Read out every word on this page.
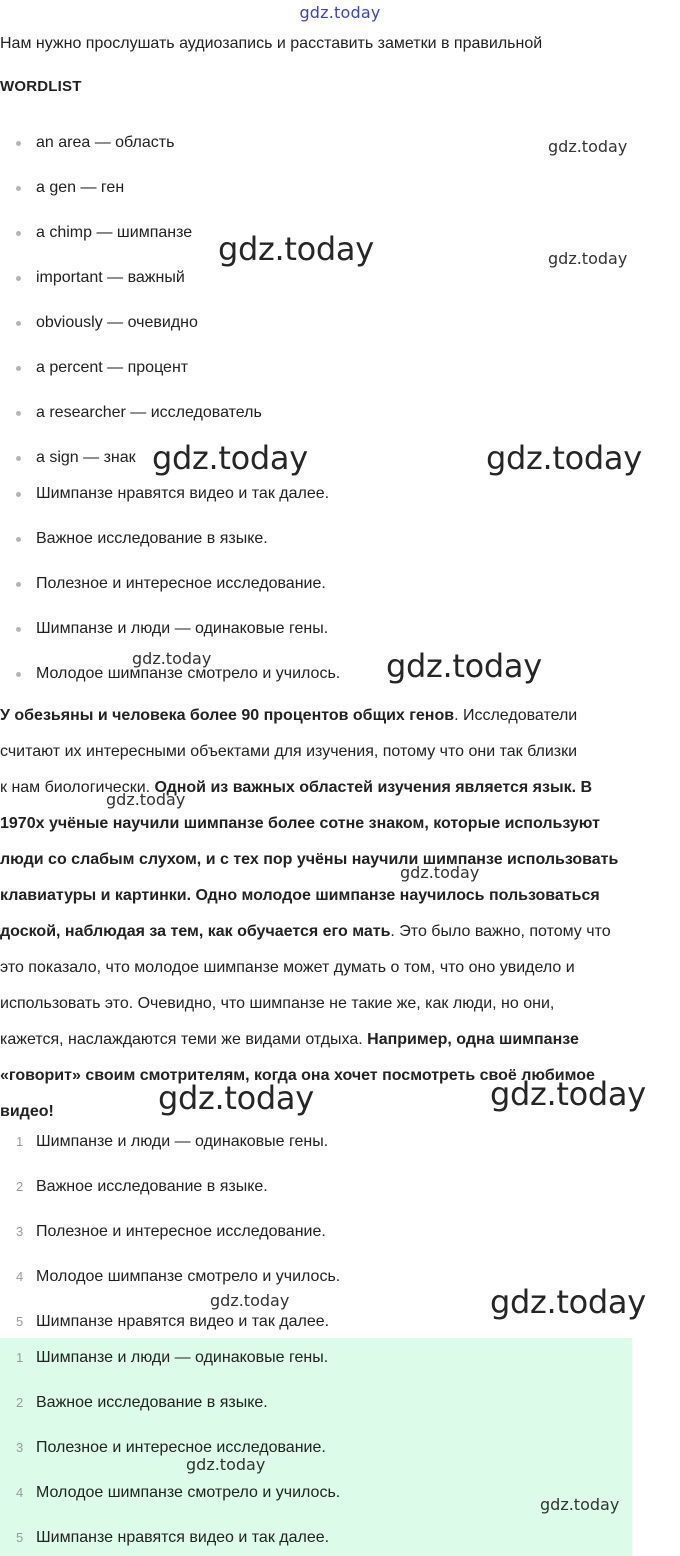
gdz.today
Нам нужно прослушать аудиозапись и расставить заметки в правильной
WORDLIST
an area — область
a gen — ген
a chimp — шимпанзе
important — важный
obviously — очевидно
a percent — процент
a researcher — исследователь
a sign — знак
Шимпанзе нравятся видео и так далее.
Важное исследование в языке.
Полезное и интересное исследование.
Шимпанзе и люди — одинаковые гены.
Молодое шимпанзе смотрело и училось.
У обезьяны и человека более 90 процентов общих генов. Исследователи
считают их интересными объектами для изучения, потому что они так близки
к нам биологически. Одной из важных областей изучения является язык. В
1970х учёные научили шимпанзе более сотне знаком, которые используют
люди со слабым слухом, и с тех пор учёны научили шимпанзе использовать
клавиатуры и картинки. Одно молодое шимпанзе научилось пользоваться
доской, наблюдая за тем, как обучается его мать. Это было важно, потому что
это показало, что молодое шимпанзе может думать о том, что оно увидело и
использовать это. Очевидно, что шимпанзе не такие же, как люди, но они,
кажется, наслаждаются теми же видами отдыха. Например, одна шимпанзе
«говорит» своим смотрителям, когда она хочет посмотреть своё любимое
видео!
1 Шимпанзе и люди — одинаковые гены.
2 Важное исследование в языке.
3 Полезное и интересное исследование.
4 Молодое шимпанзе смотрело и училось.
5 Шимпанзе нравятся видео и так далее.
1 Шимпанзе и люди — одинаковые гены.
2 Важное исследование в языке.
3 Полезное и интересное исследование.
4 Молодое шимпанзе смотрело и училось.
5 Шимпанзе нравятся видео и так далее.
gdz.today
gdz.today	gdz.today
gdz.today	gdz.today
gdz.today	gdz.today
gdz.today
gdz.today
gdz.today	gdz.today
gdz.today	gdz.today
gdz.today
gdz.today
